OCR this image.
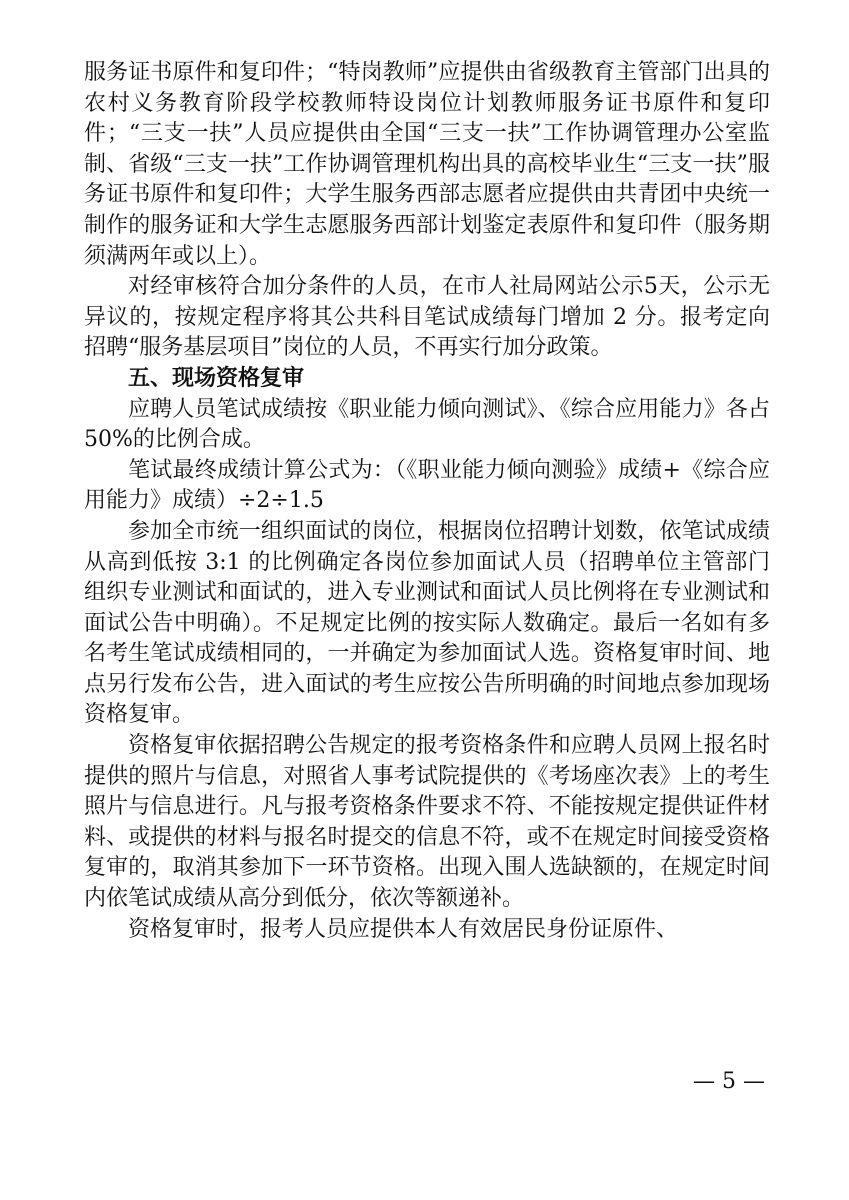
服务证书原件和复印件；“特岗教师”应提供由省级教育主管部门出具的农村义务教育阶段学校教师特设岗位计划教师服务证书原件和复印件；“三支一扶”人员应提供由全国“三支一扶”工作协调管理办公室监制、省级“三支一扶”工作协调管理机构出具的高校毕业生“三支一扶”服务证书原件和复印件；大学生服务西部志愿者应提供由共青团中央统一制作的服务证和大学生志愿服务西部计划鉴定表原件和复印件（服务期须满两年或以上）。

对经审核符合加分条件的人员，在市人社局网站公示5天，公示无异议的，按规定程序将其公共科目笔试成绩每门增加 2 分。报考定向招聘“服务基层项目”岗位的人员，不再实行加分政策。

五、现场资格复审

应聘人员笔试成绩按《职业能力倾向测试》、《综合应用能力》各占 50%的比例合成。

笔试最终成绩计算公式为：（《职业能力倾向测验》成绩+《综合应用能力》成绩）÷2÷1.5

参加全市统一组织面试的岗位，根据岗位招聘计划数，依笔试成绩从高到低按 3:1 的比例确定各岗位参加面试人员（招聘单位主管部门组织专业测试和面试的，进入专业测试和面试人员比例将在专业测试和面试公告中明确）。不足规定比例的按实际人数确定。最后一名如有多名考生笔试成绩相同的，一并确定为参加面试人选。资格复审时间、地点另行发布公告，进入面试的考生应按公告所明确的时间地点参加现场资格复审。

资格复审依据招聘公告规定的报考资格条件和应聘人员网上报名时提供的照片与信息，对照省人事考试院提供的《考场座次表》上的考生照片与信息进行。凡与报考资格条件要求不符、不能按规定提供证件材料、或提供的材料与报名时提交的信息不符，或不在规定时间接受资格复审的，取消其参加下一环节资格。出现入围人选缺额的，在规定时间内依笔试成绩从高分到低分，依次等额递补。

资格复审时，报考人员应提供本人有效居民身份证原件、

— 5 —
